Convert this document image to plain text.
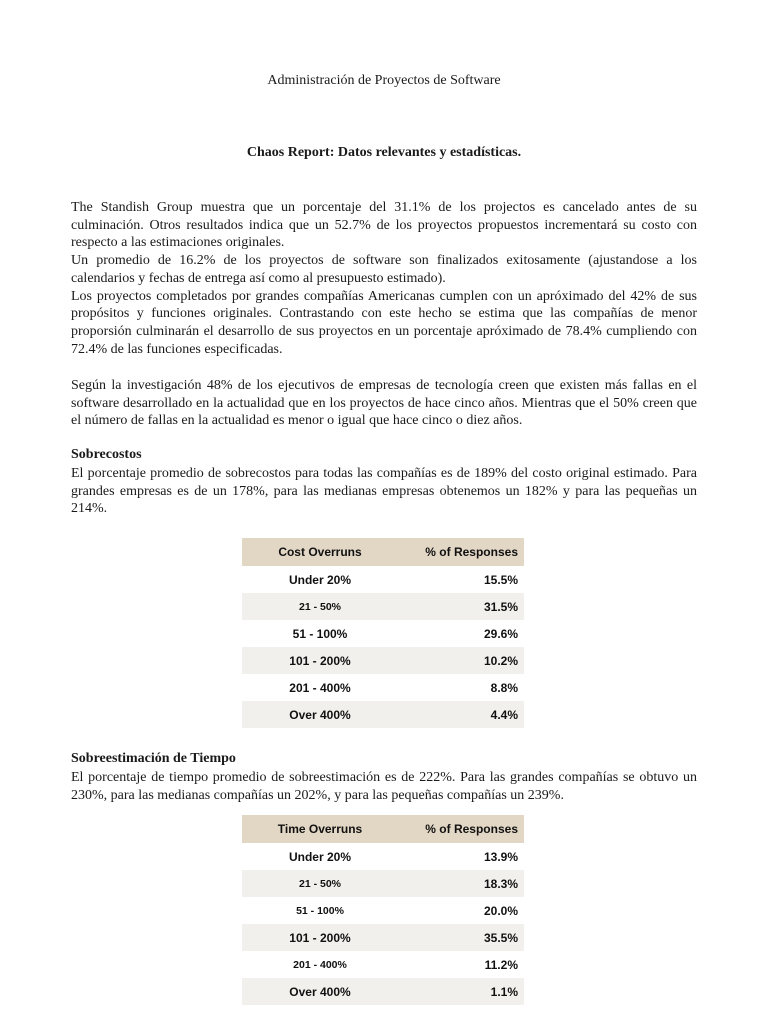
Administración de Proyectos de Software
Chaos Report: Datos relevantes y estadísticas.

The Standish Group muestra que un porcentaje del 31.1% de los projectos es cancelado antes de su culminación. Otros resultados indica que un 52.7% de los proyectos propuestos incrementará su costo con respecto a las estimaciones originales.

Un promedio de 16.2% de los proyectos de software son finalizados exitosamente (ajustandose a los calendarios y fechas de entrega así como al presupuesto estimado).

Los proyectos completados por grandes compañías Americanas cumplen con un apróximado del 42% de sus propósitos y funciones originales. Contrastando con este hecho se estima que las compañías de menor proporsión culminarán el desarrollo de sus proyectos en un porcentaje apróximado de 78.4% cumpliendo con 72.4% de las funciones especificadas.

Según la investigación 48% de los ejecutivos de empresas de tecnología creen que existen más fallas en el software desarrollado en la actualidad que en los proyectos de hace cinco años. Mientras que el 50% creen que el número de fallas en la actualidad es menor o igual que hace cinco o diez años.
Sobrecostos
El porcentaje promedio de sobrecostos para todas las compañías es de 189% del costo original estimado. Para grandes empresas es de un 178%, para las medianas empresas obtenemos un 182% y para las pequeñas un 214%.
Cost Overruns	% of Responses
Under 20%	15.5%
21 - 50%	31.5%
51 - 100%	29.6%
101 - 200%	10.2%
201 - 400%	8.8%
Over 400%	4.4%
Sobreestimación de Tiempo
El porcentaje de tiempo promedio de sobreestimación es de 222%. Para las grandes compañías se obtuvo un 230%, para las medianas compañías un 202%, y para las pequeñas compañías un 239%.
Time Overruns	% of Responses
Under 20%	13.9%
21 - 50%	18.3%
51 - 100%	20.0%
101 - 200%	35.5%
201 - 400%	11.2%
Over 400%	1.1%
